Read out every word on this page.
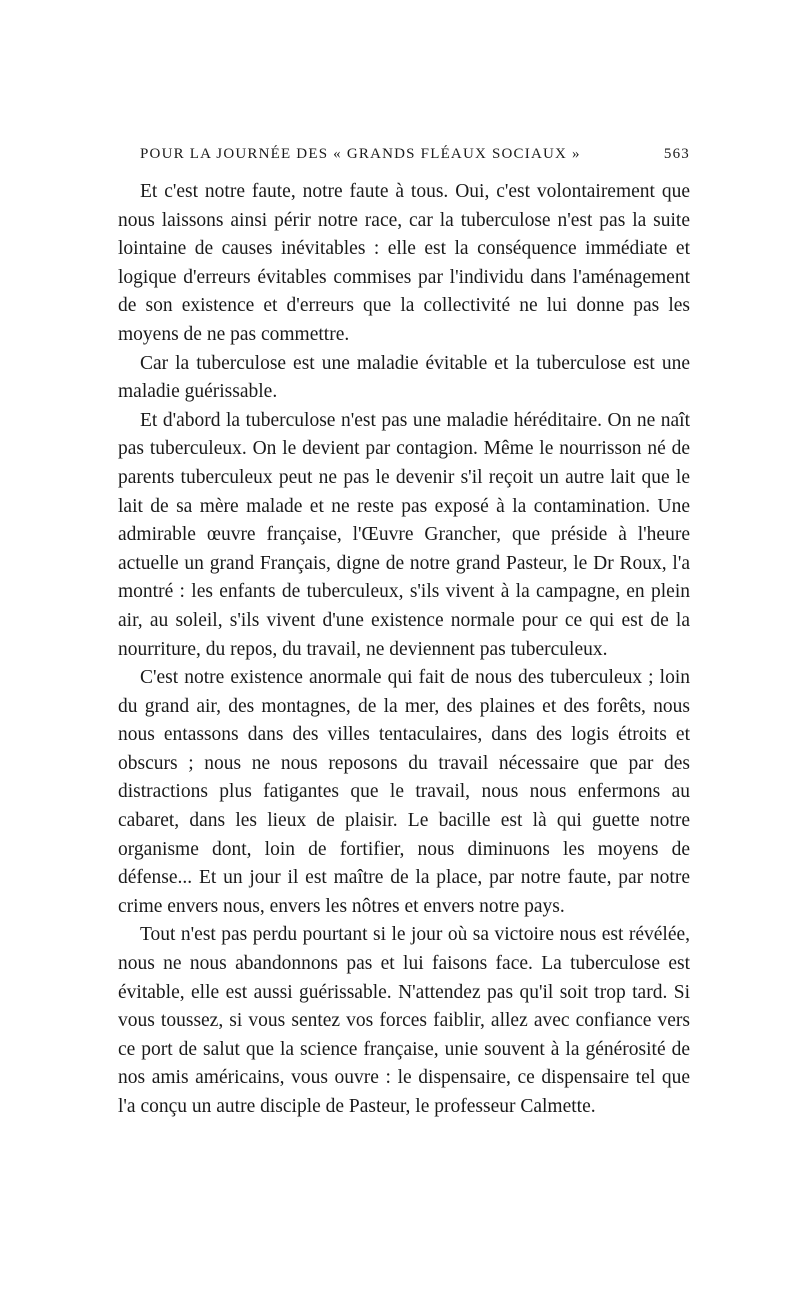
POUR LA JOURNÉE DES « GRANDS FLÉAUX SOCIAUX »	563

Et c'est notre faute, notre faute à tous. Oui, c'est volontairement que nous laissons ainsi périr notre race, car la tuberculose n'est pas la suite lointaine de causes inévitables : elle est la conséquence immédiate et logique d'erreurs évitables commises par l'individu dans l'aménagement de son existence et d'erreurs que la collectivité ne lui donne pas les moyens de ne pas commettre.

Car la tuberculose est une maladie évitable et la tuberculose est une maladie guérissable.

Et d'abord la tuberculose n'est pas une maladie héréditaire. On ne naît pas tuberculeux. On le devient par contagion. Même le nourrisson né de parents tuberculeux peut ne pas le devenir s'il reçoit un autre lait que le lait de sa mère malade et ne reste pas exposé à la contamination. Une admirable œuvre française, l'Œuvre Grancher, que préside à l'heure actuelle un grand Français, digne de notre grand Pasteur, le Dr Roux, l'a montré : les enfants de tuberculeux, s'ils vivent à la campagne, en plein air, au soleil, s'ils vivent d'une existence normale pour ce qui est de la nourriture, du repos, du travail, ne deviennent pas tuberculeux.

C'est notre existence anormale qui fait de nous des tuberculeux ; loin du grand air, des montagnes, de la mer, des plaines et des forêts, nous nous entassons dans des villes tentaculaires, dans des logis étroits et obscurs ; nous ne nous reposons du travail nécessaire que par des distractions plus fatigantes que le travail, nous nous enfermons au cabaret, dans les lieux de plaisir. Le bacille est là qui guette notre organisme dont, loin de fortifier, nous diminuons les moyens de défense... Et un jour il est maître de la place, par notre faute, par notre crime envers nous, envers les nôtres et envers notre pays.

Tout n'est pas perdu pourtant si le jour où sa victoire nous est révélée, nous ne nous abandonnons pas et lui faisons face. La tuberculose est évitable, elle est aussi guérissable. N'attendez pas qu'il soit trop tard. Si vous toussez, si vous sentez vos forces faiblir, allez avec confiance vers ce port de salut que la science française, unie souvent à la générosité de nos amis américains, vous ouvre : le dispensaire, ce dispensaire tel que l'a conçu un autre disciple de Pasteur, le professeur Calmette.
